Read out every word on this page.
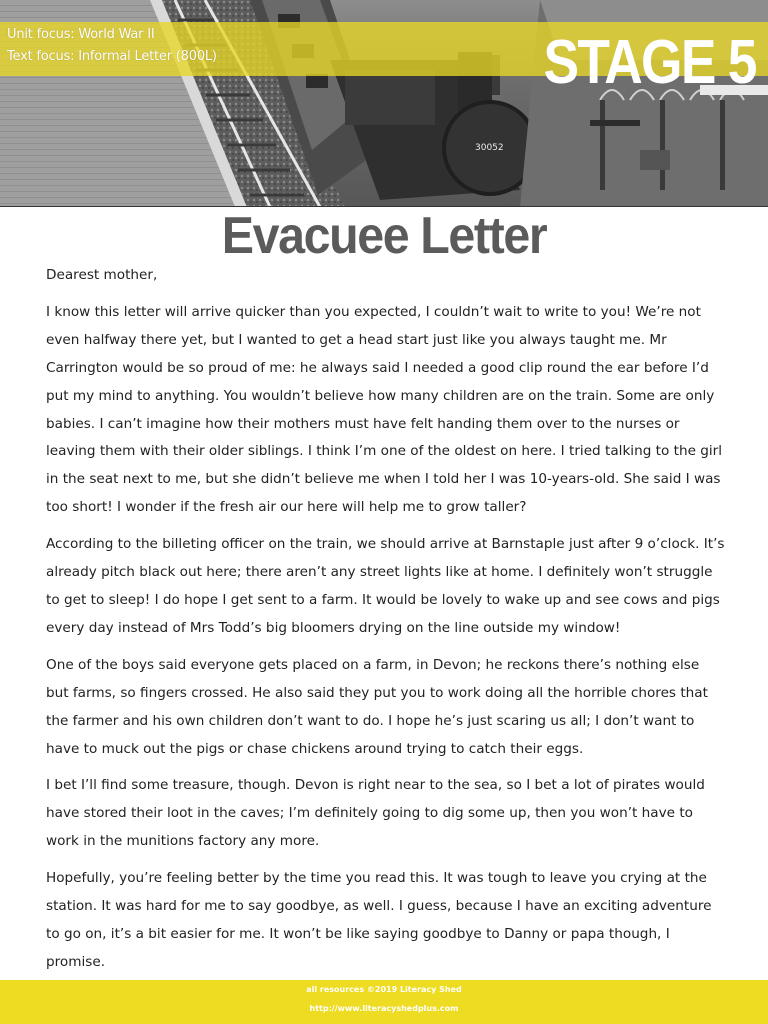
30052
Unit focus: World War II
Text focus: Informal Letter (800L)	STAGE 5
Evacuee Letter

Dearest mother,

I know this letter will arrive quicker than you expected, I couldn’t wait to write to you! We’re not even halfway there yet, but I wanted to get a head start just like you always taught me. Mr Carrington would be so proud of me: he always said I needed a good clip round the ear before I’d put my mind to anything. You wouldn’t believe how many children are on the train. Some are only babies. I can’t imagine how their mothers must have felt handing them over to the nurses or leaving them with their older siblings. I think I’m one of the oldest on here. I tried talking to the girl in the seat next to me, but she didn’t believe me when I told her I was 10-years-old. She said I was too short! I wonder if the fresh air our here will help me to grow taller?

According to the billeting officer on the train, we should arrive at Barnstaple just after 9 o’clock. It’s already pitch black out here; there aren’t any street lights like at home. I definitely won’t struggle to get to sleep! I do hope I get sent to a farm. It would be lovely to wake up and see cows and pigs every day instead of Mrs Todd’s big bloomers drying on the line outside my window!

One of the boys said everyone gets placed on a farm, in Devon; he reckons there’s nothing else but farms, so fingers crossed. He also said they put you to work doing all the horrible chores that the farmer and his own children don’t want to do. I hope he’s just scaring us all; I don’t want to have to muck out the pigs or chase chickens around trying to catch their eggs.

I bet I’ll find some treasure, though. Devon is right near to the sea, so I bet a lot of pirates would have stored their loot in the caves; I’m definitely going to dig some up, then you won’t have to work in the munitions factory any more.

Hopefully, you’re feeling better by the time you read this. It was tough to leave you crying at the station. It was hard for me to say goodbye, as well. I guess, because I have an exciting adventure to go on, it’s a bit easier for me. It won’t be like saying goodbye to Danny or papa though, I promise.

all resources ©2019 Literacy Shed
http://www.literacyshedplus.com
